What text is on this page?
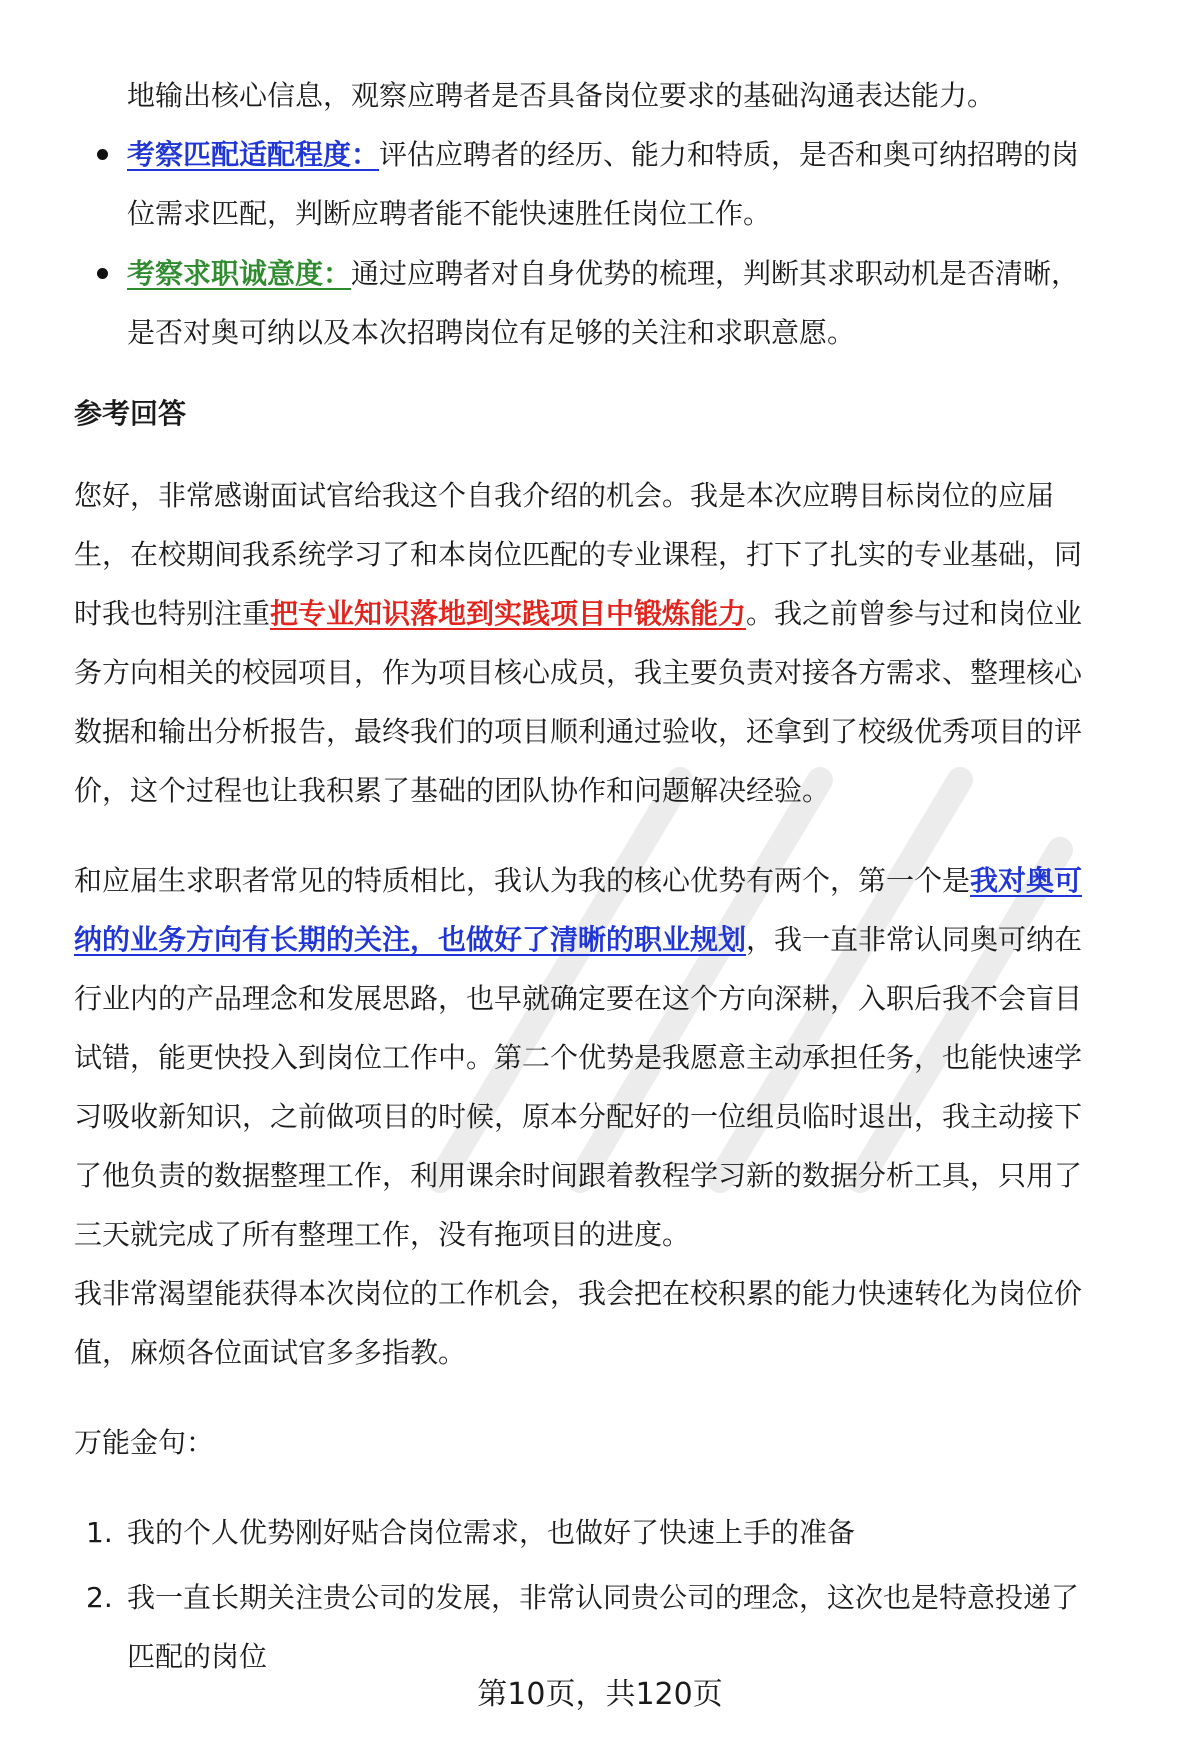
地输出核心信息，观察应聘者是否具备岗位要求的基础沟通表达能力。

考察匹配适配程度：评估应聘者的经历、能力和特质，是否和奥可纳招聘的岗

位需求匹配，判断应聘者能不能快速胜任岗位工作。

考察求职诚意度：通过应聘者对自身优势的梳理，判断其求职动机是否清晰，

是否对奥可纳以及本次招聘岗位有足够的关注和求职意愿。

参考回答

您好，非常感谢面试官给我这个自我介绍的机会。我是本次应聘目标岗位的应届

生，在校期间我系统学习了和本岗位匹配的专业课程，打下了扎实的专业基础，同

时我也特别注重把专业知识落地到实践项目中锻炼能力。我之前曾参与过和岗位业

务方向相关的校园项目，作为项目核心成员，我主要负责对接各方需求、整理核心

数据和输出分析报告，最终我们的项目顺利通过验收，还拿到了校级优秀项目的评

价，这个过程也让我积累了基础的团队协作和问题解决经验。

和应届生求职者常见的特质相比，我认为我的核心优势有两个，第一个是我对奥可

纳的业务方向有长期的关注，也做好了清晰的职业规划，我一直非常认同奥可纳在

行业内的产品理念和发展思路，也早就确定要在这个方向深耕，入职后我不会盲目

试错，能更快投入到岗位工作中。第二个优势是我愿意主动承担任务，也能快速学

习吸收新知识，之前做项目的时候，原本分配好的一位组员临时退出，我主动接下

了他负责的数据整理工作，利用课余时间跟着教程学习新的数据分析工具，只用了

三天就完成了所有整理工作，没有拖项目的进度。

我非常渴望能获得本次岗位的工作机会，我会把在校积累的能力快速转化为岗位价

值，麻烦各位面试官多多指教。

万能金句：

1. 我的个人优势刚好贴合岗位需求，也做好了快速上手的准备

2. 我一直长期关注贵公司的发展，非常认同贵公司的理念，这次也是特意投递了

匹配的岗位

第10页，共120页
